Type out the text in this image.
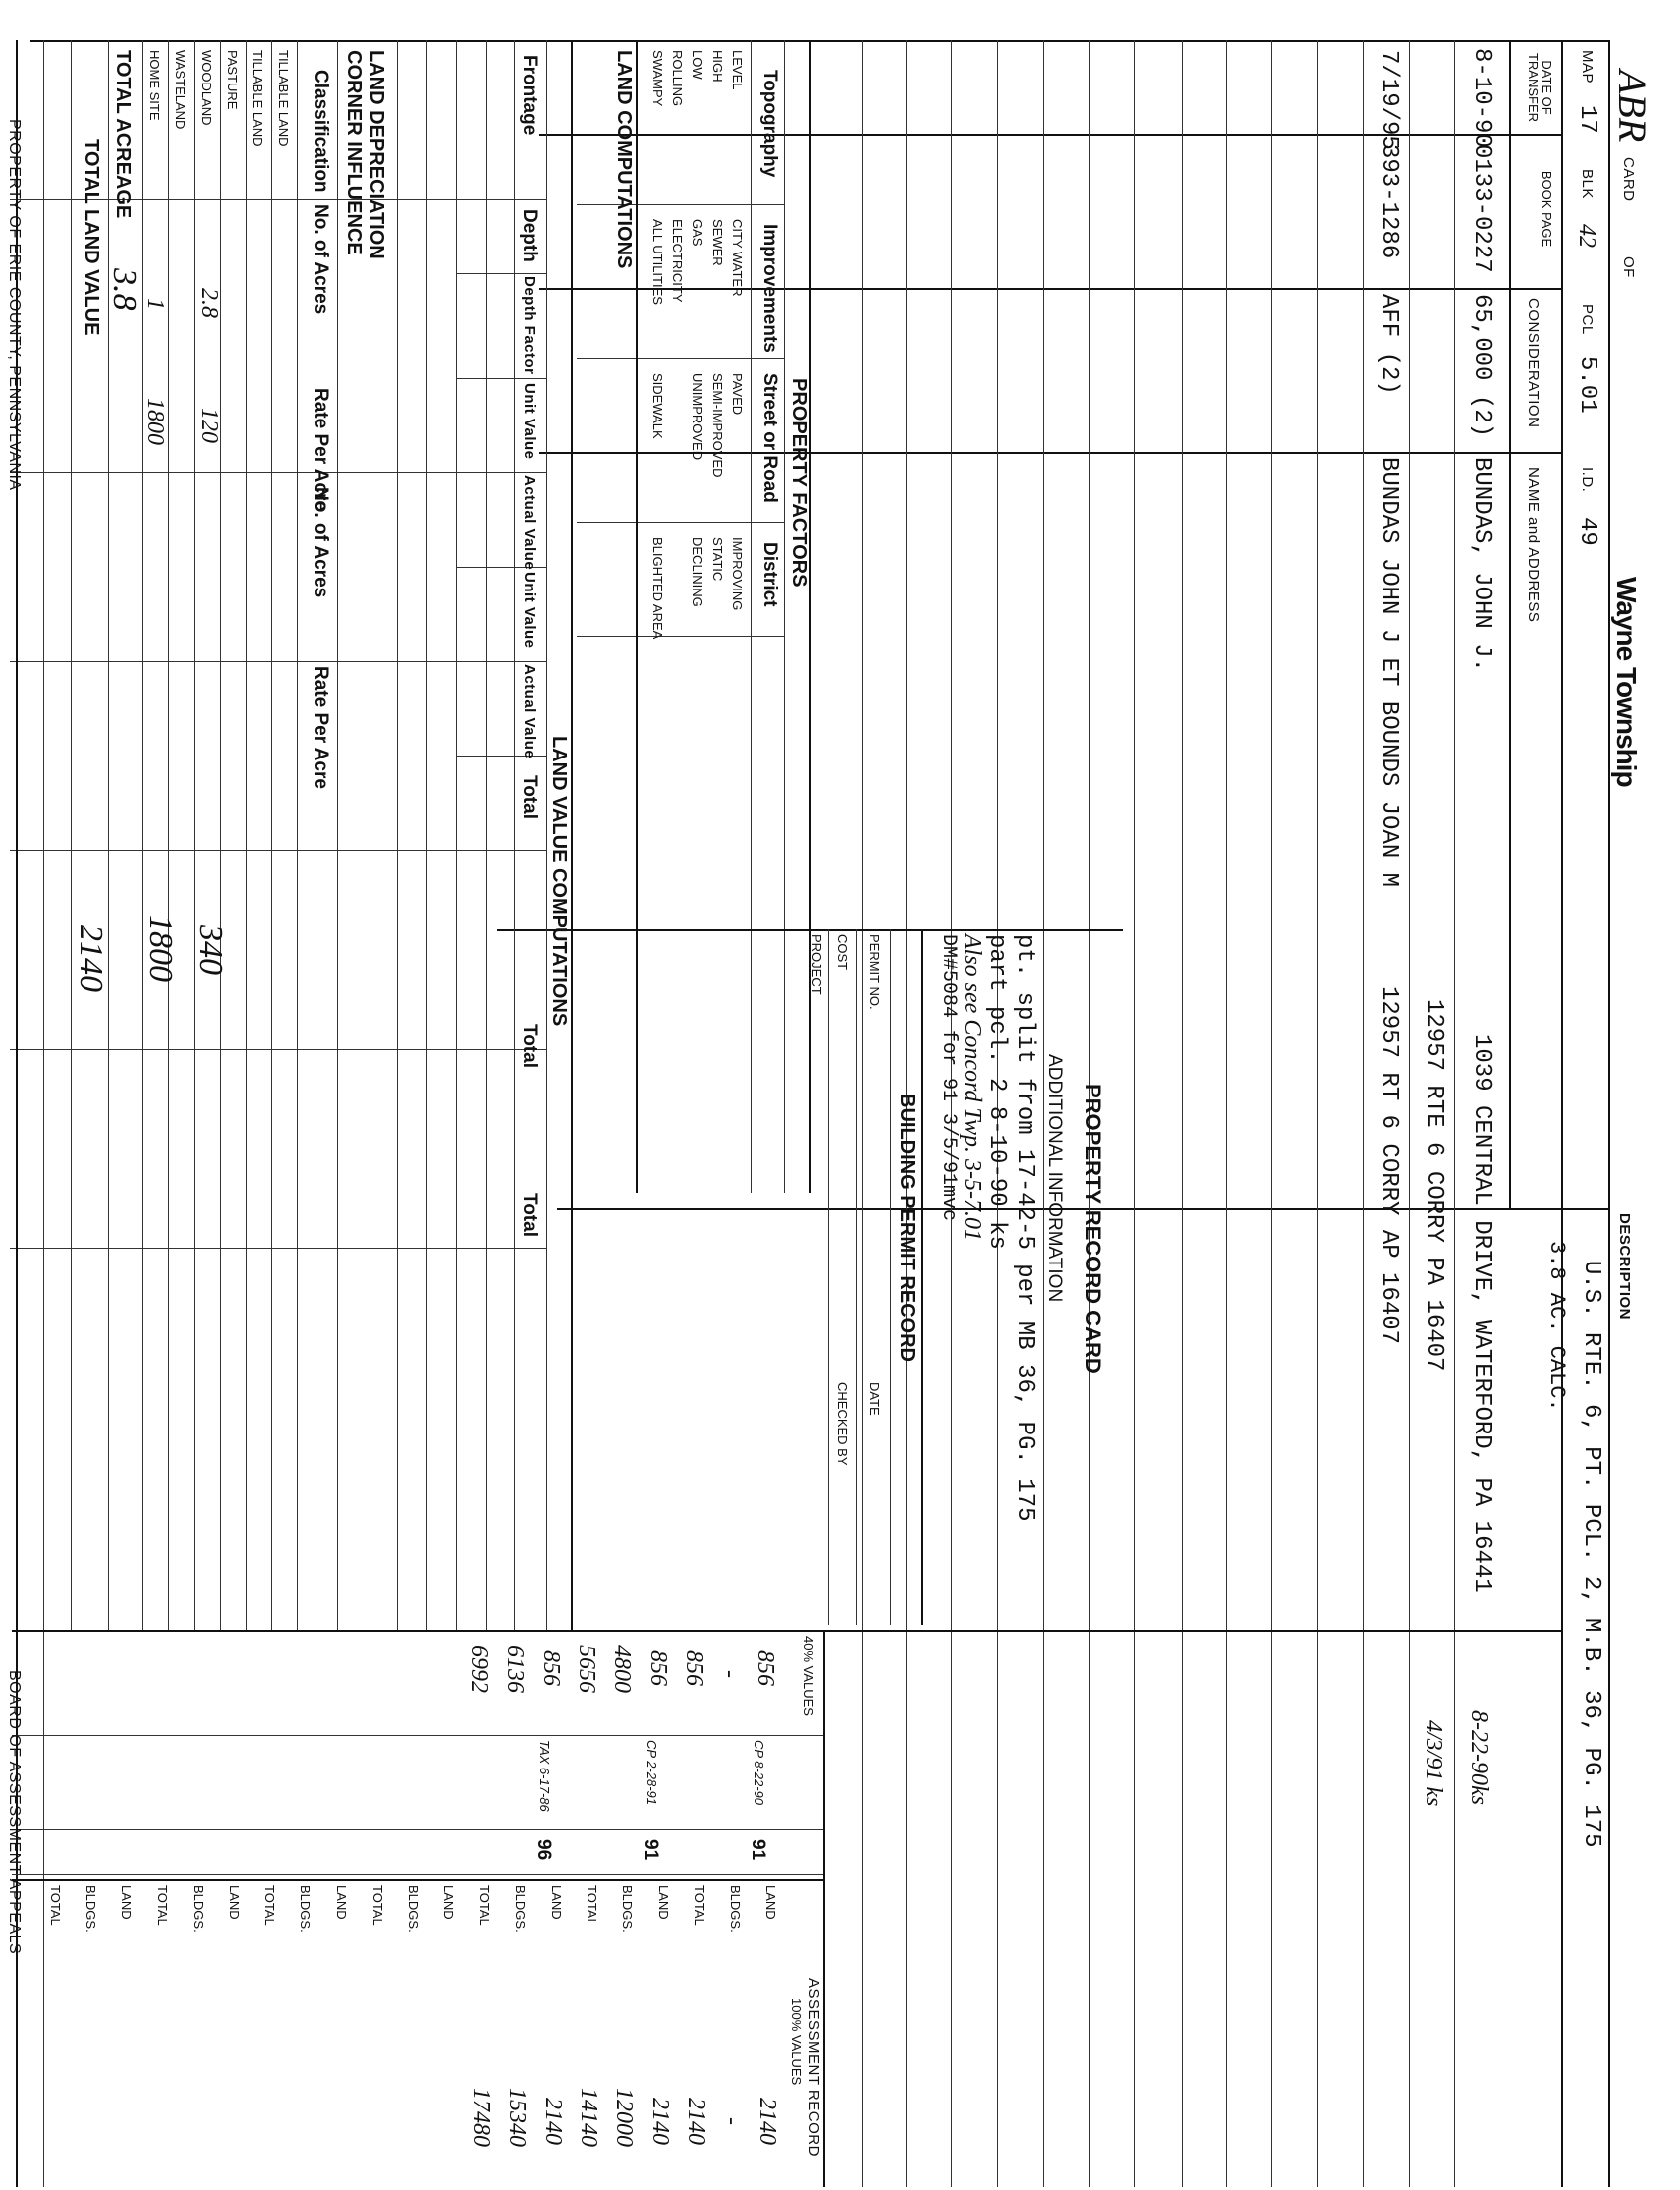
ABR
CARD
OF
Wayne Township
MAP
17
BLK
42
PCL
5.01
I.D.
49
DESCRIPTION
U.S. RTE. 6, PT. PCL. 2, M.B. 36, PG. 175
3.8 AC. CALC.
DATE OF TRANSFER
BOOK PAGE
CONSIDERATION
NAME and ADDRESS
8-10-90
0133-0227
65,000 (2)
BUNDAS, JOHN J.
1039 CENTRAL DRIVE, WATERFORD, PA 16441
8-22-90ks
12957 RTE 6 CORRY PA 16407
4/3/91 ks
7/19/95
393-1286
AFF (2)
BUNDAS JOHN J ET BOUNDS JOAN M
12957 RT 6 CORRY AP 16407
PROPERTY FACTORS
Topography
Improvements
Street or Road
District
LEVEL
HIGH
LOW
ROLLING
SWAMPY
CITY WATER
SEWER
GAS
ELECTRICITY
ALL UTILITIES
PAVED
SEMI-IMPROVED
UNIMPROVED
SIDEWALK
IMPROVING
STATIC
DECLINING
BLIGHTED AREA
LAND COMPUTATIONS
PROPERTY RECORD CARD
ADDITIONAL INFORMATION
pt. split from 17-42-5 per MB 36, PG. 175
part pcl. 2 8-10-90 ks
Also see Concord Twp. 3-5-7.01
DM#5084 for 91 3/5/91mvc
BUILDING PERMIT RECORD
PERMIT NO.
DATE
COST
CHECKED BY
PROJECT
LAND VALUE COMPUTATIONS
Frontage
Depth
Depth Factor
Unit Value
Actual Value
Unit Value
Actual Value
Total
Total
Total
LAND DEPRECIATION
CORNER INFLUENCE
Classification
No. of Acres
Rate Per Acre
No. of Acres
Rate Per Acre
TILLABLE LAND
TILLABLE LAND
PASTURE
WOODLAND
2.8
120
340
WASTELAND
HOME SITE
1
1800
1800
TOTAL ACREAGE
3.8
TOTAL LAND VALUE
2140
40% VALUES
ASSESSMENT RECORD
100% VALUES
LAND
BLDGS.
TOTAL
LAND
BLDGS.
TOTAL
LAND
BLDGS.
TOTAL
LAND
BLDGS.
TOTAL
LAND
BLDGS.
TOTAL
LAND
BLDGS.
TOTAL
LAND
BLDGS.
TOTAL
856
-
856
856
4800
5656
856
6136
6992
CP 8-22-90
91
CP 2-28-91
91
TAX 6-17-86
96
2140
-
2140
2140
12000
14140
2140
15340
17480
PROPERTY OF ERIE COUNTY, PENNSYLVANIA
BOARD OF ASSESSMENT APPEALS
